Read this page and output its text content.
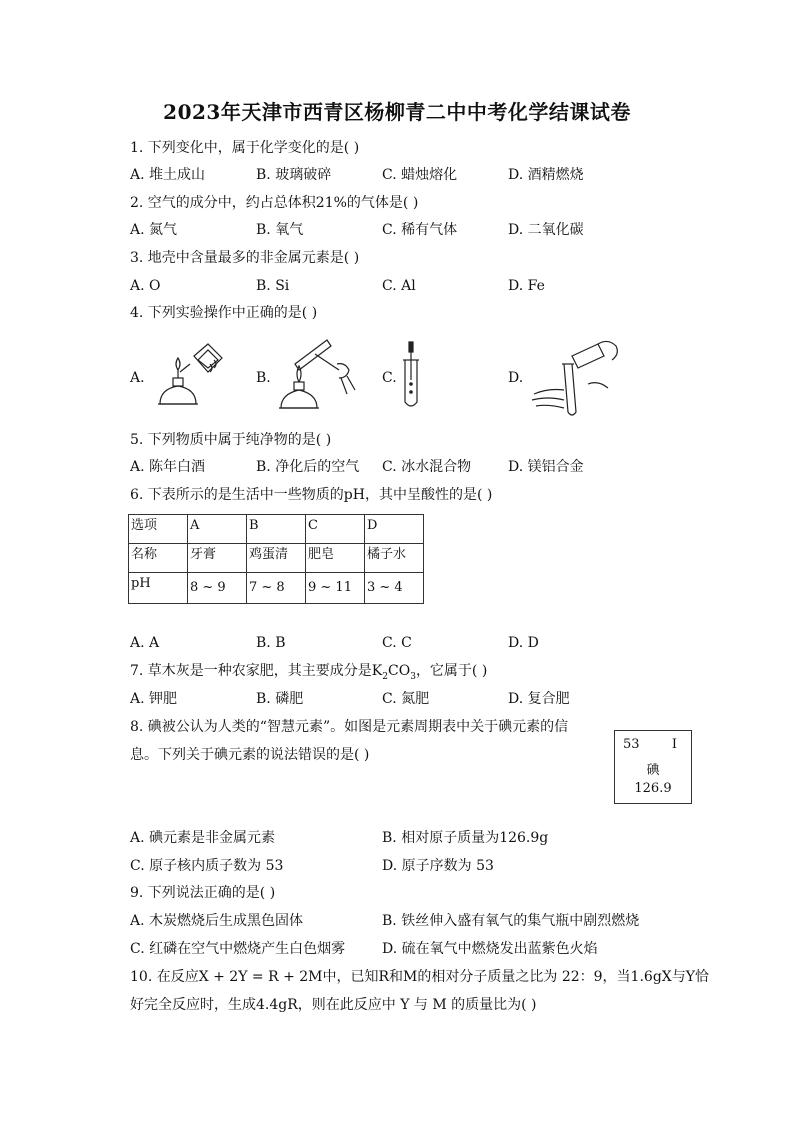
2023年天津市西青区杨柳青二中中考化学结课试卷
1. 下列变化中，属于化学变化的是( )
A. 堆土成山	B. 玻璃破碎	C. 蜡烛熔化	D. 酒精燃烧
2. 空气的成分中，约占总体积21%的气体是( )
A. 氮气	B. 氧气	C. 稀有气体	D. 二氧化碳
3. 地壳中含量最多的非金属元素是( )
A. O	B. Si	C. Al	D. Fe
4. 下列实验操作中正确的是( )
A.	B.	C.	D.
5. 下列物质中属于纯净物的是( )
A. 陈年白酒	B. 净化后的空气 C. 冰水混合物	D. 镁铝合金
6. 下表所示的是生活中一些物质的pH，其中呈酸性的是( )
选项	A	B	C	D
名称	牙膏	鸡蛋清	肥皂	橘子水
pH	8 ~ 9	7 ~ 8	9 ~ 11	3 ~ 4
A. A	B. B	C. C	D. D
7. 草木灰是一种农家肥，其主要成分是$K_2CO_3$，它属于( )
A. 钾肥	B. 磷肥	C. 氮肥	D. 复合肥
8. 碘被公认为人类的“智慧元素”。如图是元素周期表中关于碘元素的信
息。下列关于碘元素的说法错误的是( )
53 I
碘
126.9
A. 碘元素是非金属元素	B. 相对原子质量为126.9g
C. 原子核内质子数为 53	D. 原子序数为 53
9. 下列说法正确的是( )
A. 木炭燃烧后生成黑色固体	B. 铁丝伸入盛有氧气的集气瓶中剧烈燃烧
C. 红磷在空气中燃烧产生白色烟雾	D. 硫在氧气中燃烧发出蓝紫色火焰
10. 在反应X + 2Y = R + 2M中，已知R和M的相对分子质量之比为 22：9，当1.6gX与Y恰
好完全反应时，生成4.4gR，则在此反应中 Y 与 M 的质量比为( )
